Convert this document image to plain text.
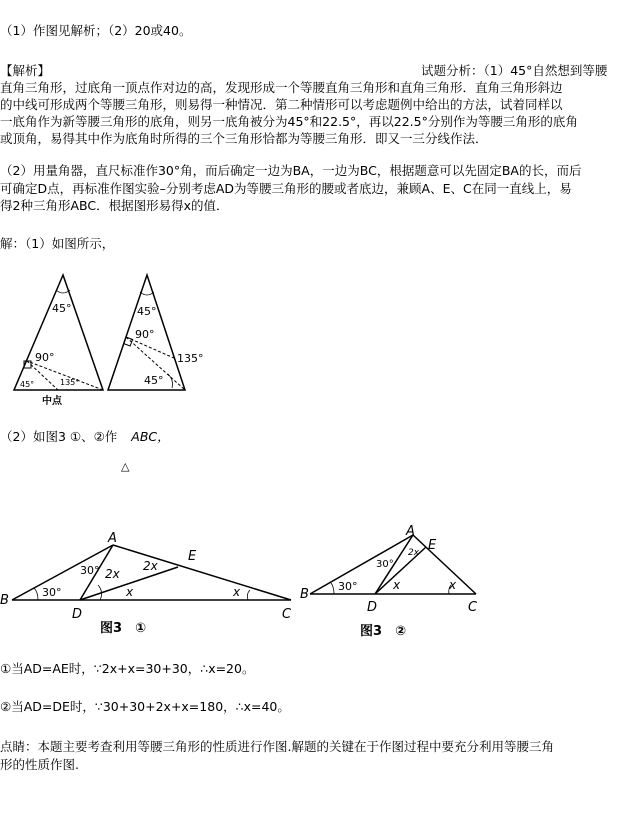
（1）作图见解析；（2）20或40。
【解析】	试题分析：（1）45°自然想到等腰
直角三角形，过底角一顶点作对边的高，发现形成一个等腰直角三角形和直角三角形．直角三角形斜边
的中线可形成两个等腰三角形，则易得一种情况．第二种情形可以考虑题例中给出的方法，试着同样以
一底角作为新等腰三角形的底角，则另一底角被分为45°和22.5°，再以22.5°分别作为等腰三角形的底角
或顶角，易得其中作为底角时所得的三个三角形恰都为等腰三角形．即又一三分线作法．
（2）用量角器，直尺标准作30°角，而后确定一边为BA，一边为BC，根据题意可以先固定BA的长，而后
可确定D点，再标准作图实验–分别考虑AD为等腰三角形的腰或者底边，兼顾A、E、C在同一直线上，易
得2种三角形ABC．根据图形易得x的值．
解：（1）如图所示，
45°
90°
45°	135°
中点
45°
90°
135°
45°
（2）如图3 ①、②作 ABC，
△
A
B
C
D
E
30°
30° 2x
2x
x	x
图3　①
A
B
C
D
E
30°
30°
2x
x	x
图3　②
①当AD=AE时，∵2x+x=30+30，∴x=20。
②当AD=DE时，∵30+30+2x+x=180，∴x=40。
点睛：本题主要考查利用等腰三角形的性质进行作图.解题的关键在于作图过程中要充分利用等腰三角
形的性质作图.
